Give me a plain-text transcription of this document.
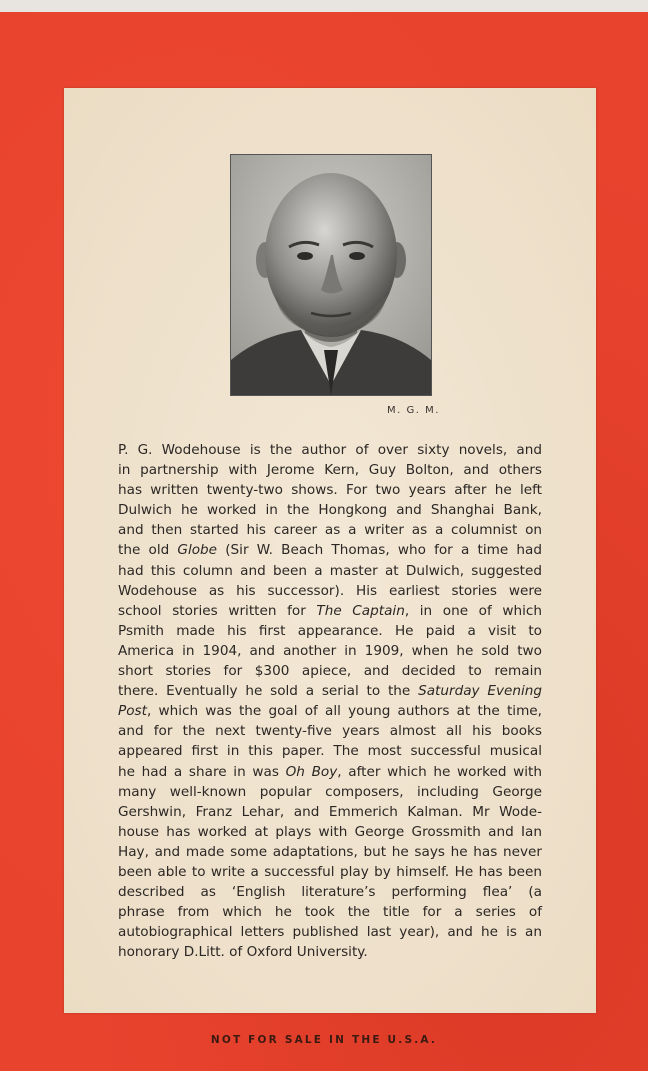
M. G. M.
P. G. Wodehouse is the author of over sixty novels, and
in partnership with Jerome Kern, Guy Bolton, and others
has written twenty-two shows. For two years after he left
Dulwich he worked in the Hongkong and Shanghai Bank,
and then started his career as a writer as a columnist on
the old Globe (Sir W. Beach Thomas, who for a time had
had this column and been a master at Dulwich, suggested
Wodehouse as his successor). His earliest stories were
school stories written for The Captain, in one of which
Psmith made his first appearance. He paid a visit to
America in 1904, and another in 1909, when he sold two
short stories for $300 apiece, and decided to remain
there. Eventually he sold a serial to the Saturday Evening
Post, which was the goal of all young authors at the time,
and for the next twenty-five years almost all his books
appeared first in this paper. The most successful musical
he had a share in was Oh Boy, after which he worked with
many well-known popular composers, including George
Gershwin, Franz Lehar, and Emmerich Kalman. Mr Wode-
house has worked at plays with George Grossmith and Ian
Hay, and made some adaptations, but he says he has never
been able to write a successful play by himself. He has been
described as ‘English literature’s performing flea’ (a
phrase from which he took the title for a series of
autobiographical letters published last year), and he is an
honorary D.Litt. of Oxford University.
NOT FOR SALE IN THE U.S.A.
